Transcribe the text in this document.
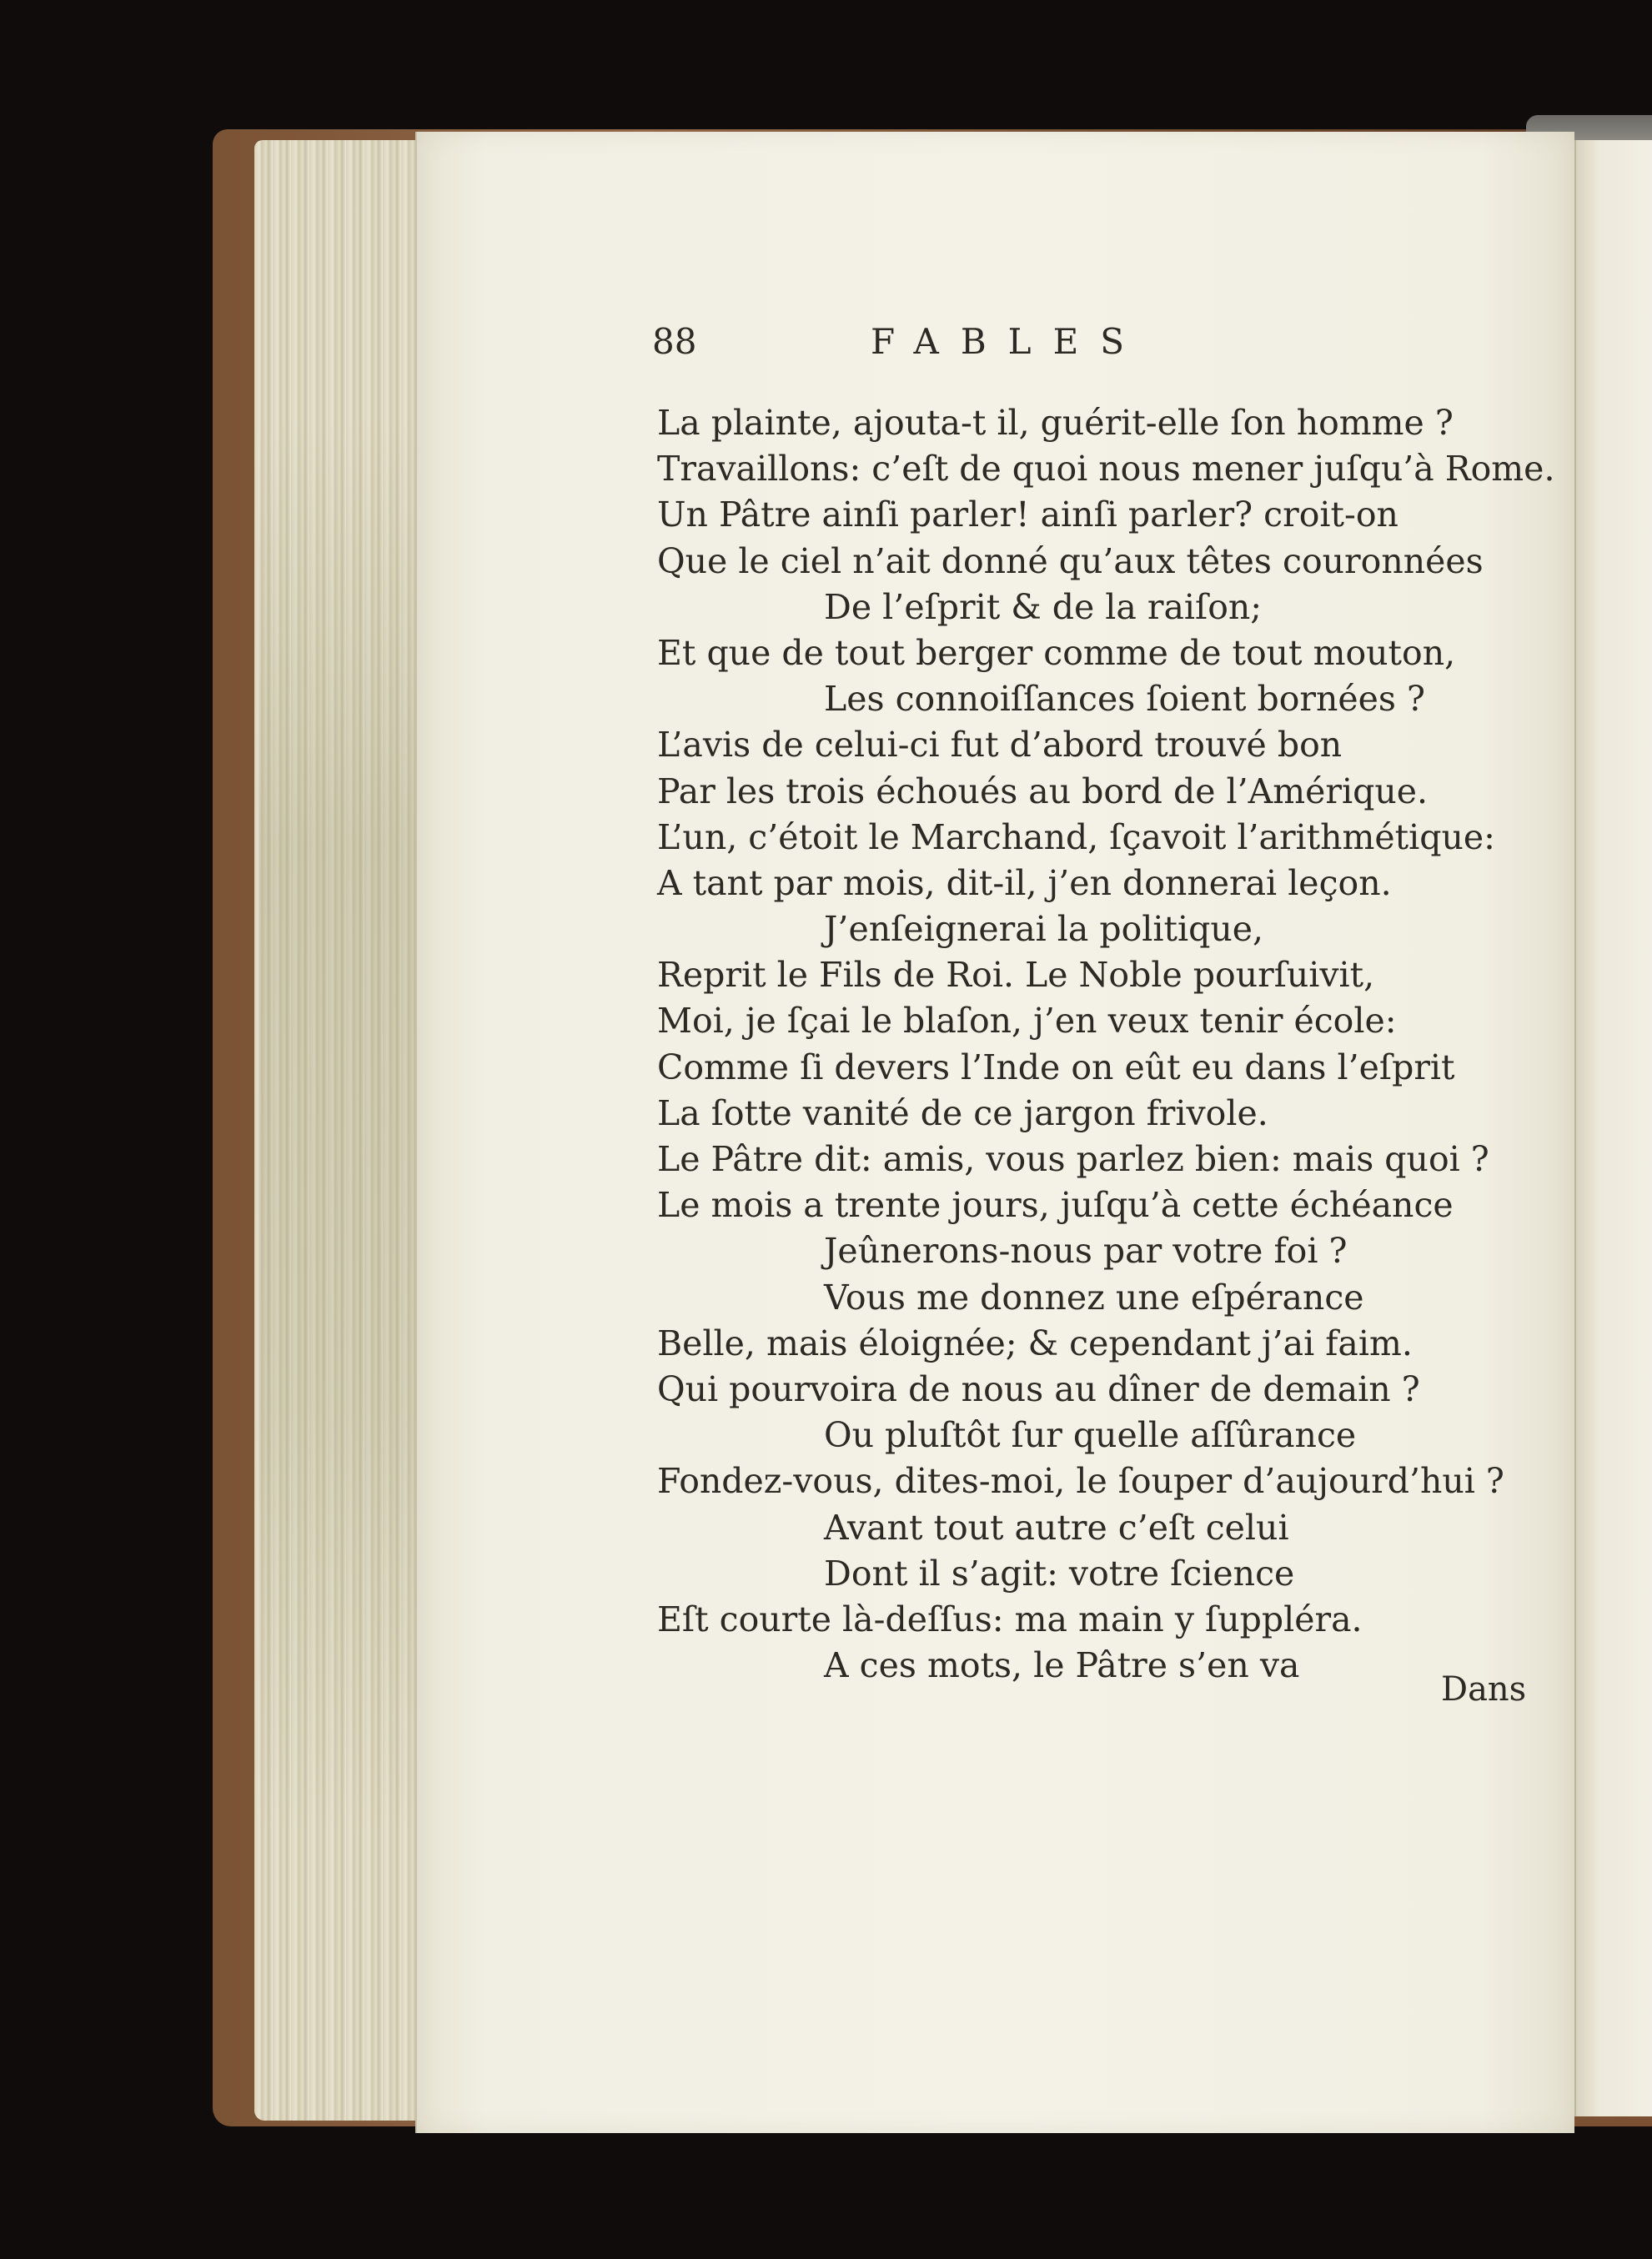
88	FABLES
La plainte, ajouta-t il, guérit-elle ſon homme ?
Travaillons: c’eſt de quoi nous mener juſqu’à Rome.
Un Pâtre ainſi parler! ainſi parler? croit-on
Que le ciel n’ait donné qu’aux têtes couronnées
De l’eſprit & de la raiſon;
Et que de tout berger comme de tout mouton,
Les connoiſſances ſoient bornées ?
L’avis de celui-ci fut d’abord trouvé bon
Par les trois échoués au bord de l’Amérique.
L’un, c’étoit le Marchand, ſçavoit l’arithmétique:
A tant par mois, dit-il, j’en donnerai leçon.
J’enſeignerai la politique,
Reprit le Fils de Roi. Le Noble pourſuivit,
Moi, je ſçai le blaſon, j’en veux tenir école:
Comme ſi devers l’Inde on eût eu dans l’eſprit
La ſotte vanité de ce jargon frivole.
Le Pâtre dit: amis, vous parlez bien: mais quoi ?
Le mois a trente jours, juſqu’à cette échéance
Jeûnerons-nous par votre foi ?
Vous me donnez une eſpérance
Belle, mais éloignée; & cependant j’ai faim.
Qui pourvoira de nous au dîner de demain ?
Ou pluſtôt ſur quelle aſſûrance
Fondez-vous, dites-moi, le ſouper d’aujourd’hui ?
Avant tout autre c’eſt celui
Dont il s’agit: votre ſcience
Eſt courte là-deſſus: ma main y ſuppléra.
A ces mots, le Pâtre s’en va
Dans
